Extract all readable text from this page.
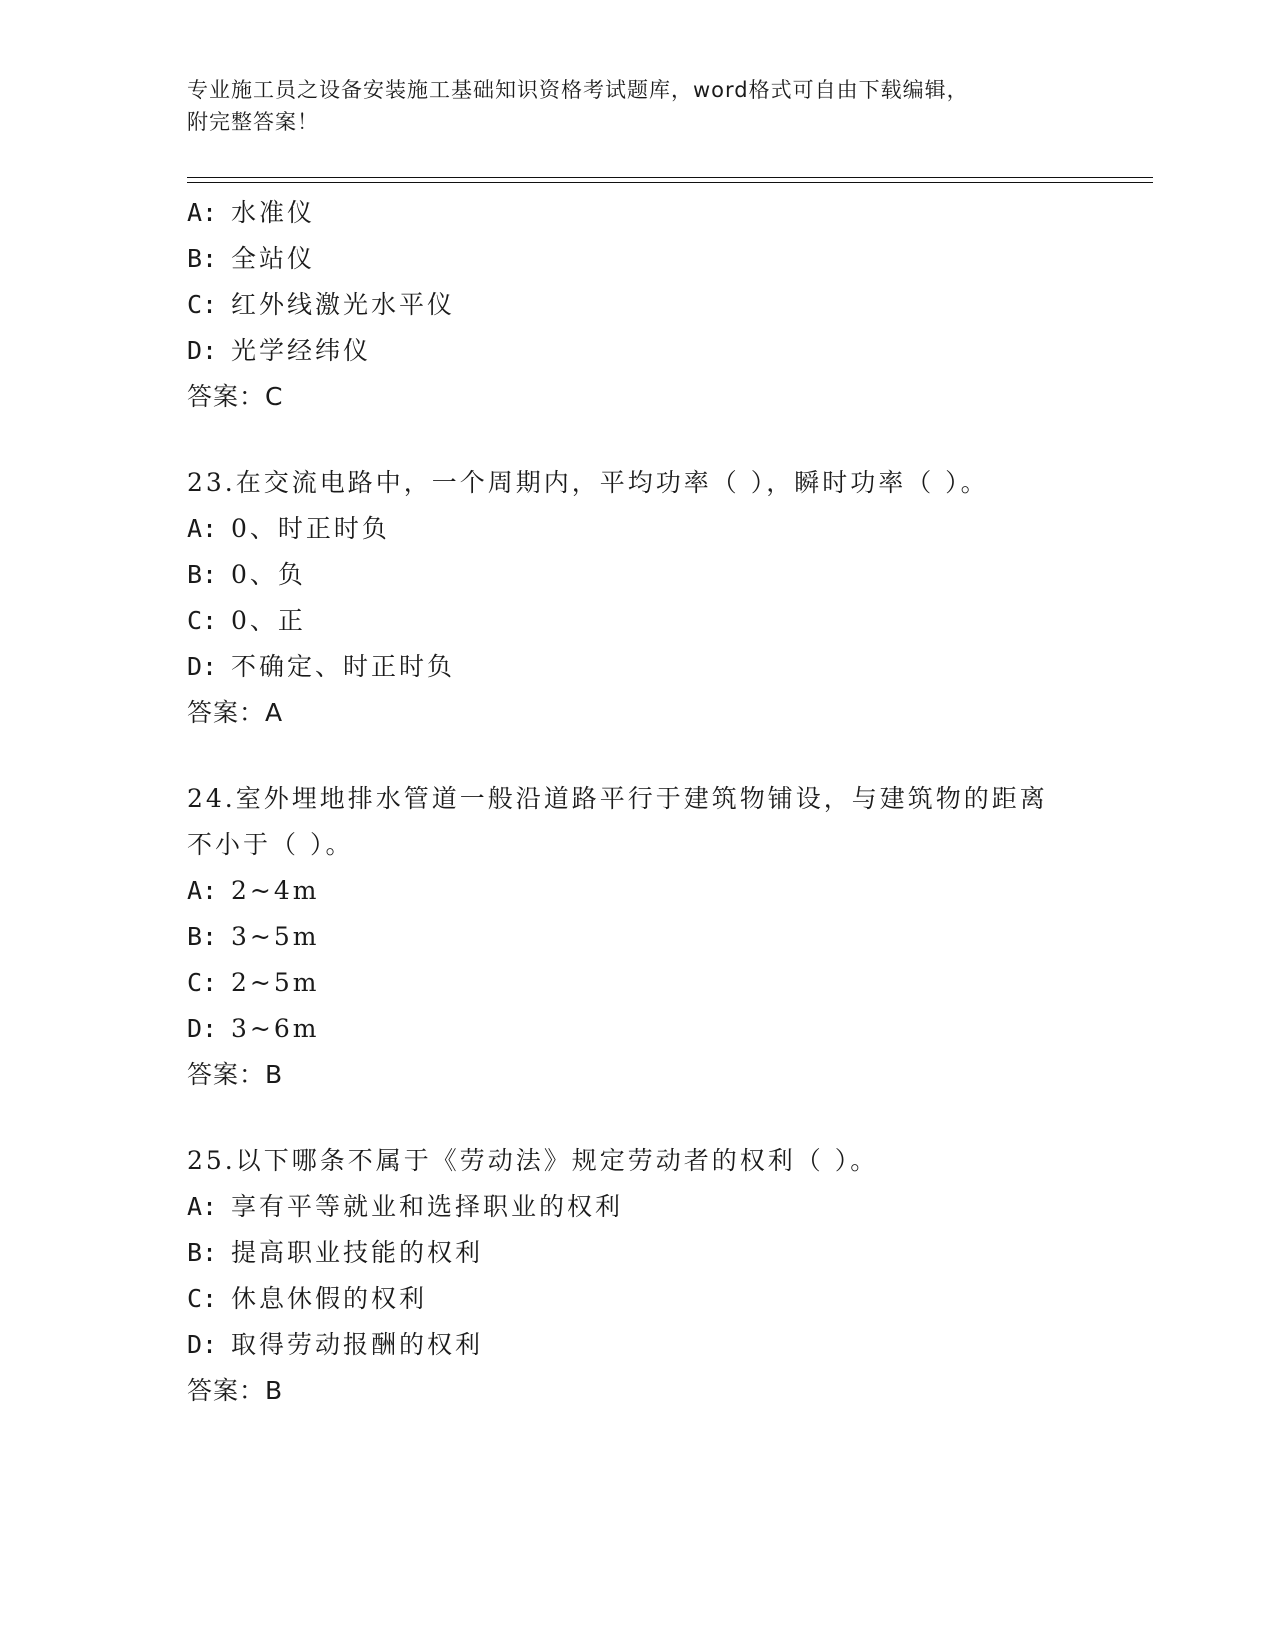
专业施工员之设备安装施工基础知识资格考试题库，word格式可自由下载编辑，
附完整答案！
A: 水准仪
B: 全站仪
C: 红外线激光水平仪
D: 光学经纬仪
答案：C
23.在交流电路中，一个周期内，平均功率（ ），瞬时功率（ ）。
A: 0、时正时负
B: 0、负
C: 0、正
D: 不确定、时正时负
答案：A
24.室外埋地排水管道一般沿道路平行于建筑物铺设，与建筑物的距离
不小于（ ）。
A: 2~4m
B: 3~5m
C: 2~5m
D: 3~6m
答案：B
25.以下哪条不属于《劳动法》规定劳动者的权利（ ）。
A: 享有平等就业和选择职业的权利
B: 提高职业技能的权利
C: 休息休假的权利
D: 取得劳动报酬的权利
答案：B
